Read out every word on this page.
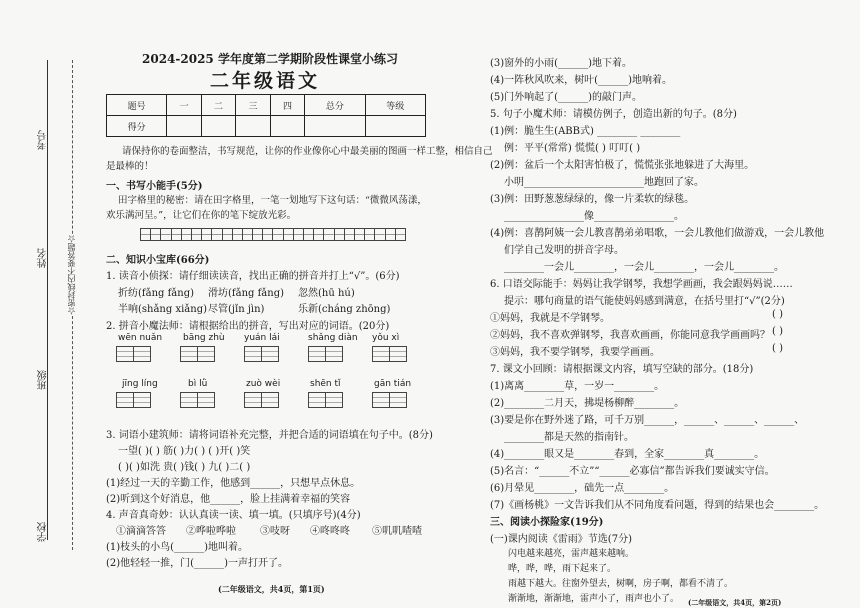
考号
姓名
班级
学校
☆密封线内不要答题☆
2024-2025 学年度第二学期阶段性课堂小练习
二年级语文
题号	一	二	三	四	总分	等级
得分						
请保持你的卷面整洁，书写规范，让你的作业像你心中最美丽的图画一样工整，相信自己
是最棒的！
一、书写小能手(5分)
田字格里的秘密：请在田字格里，一笔一划地写下这句话：“微微风荡漾，
欢乐满河呈。”，让它们在你的笔下绽放光彩。
二、知识小宝库(66分)
1. 读音小侦探：请仔细读读音，找出正确的拼音并打上“√”。(6分)
折纺(fǎng fǎng) 滑坊(fǎng fǎng) 忽然(hū hú)
半响(shǎng xiǎng) 尽管(jǐn jìn)	乐新(cháng zhōng)
2. 拼音小魔法师：请根据给出的拼音，写出对应的词语。(20分)
wēn nuǎn bāng zhù yuán lái	shǎng diàn yǒu xì
jīng líng	bì lǜ	zuò wèi	shēn tǐ	gān tián
3. 词语小建筑师：请将词语补充完整，并把合适的词语填在句子中。(8分)
一望( )( ) 筋( )力( ) ( )开( )笑
( )( )如洗 贵( )钱( ) 九( )二( )
(1)经过一天的辛勤工作，他感到______，只想早点休息。
(2)听到这个好消息，他______，脸上挂满着幸福的笑容
4. 声音真奇妙：认认真读一读、填一填。(只填序号)(4分)
①滴滴答答 ②哗啦哗啦 ③吱呀 ④咚咚咚 ⑤叽叽喳喳
(1)枝头的小鸟(______)地叫着。
(2)他轻轻一推，门(______)一声打开了。
(二年级语文，共4页，第1页)
(3)窗外的小雨(______)地下着。
(4)一阵秋风吹来，树叶(______)地响着。
(5)门外响起了(______)的敲门声。
5. 句子小魔术师：请模仿例子，创造出新的句子。(8分)
(1)例：脆生生(ABB式) ________ ________
例：平平(常常) 慌慌( ) 叮叮( )
(2)例：盆后一个太阳害怕极了，慌慌张张地躲进了大海里。
小明________________________地跑回了家。
(3)例：田野葱葱绿绿的，像一片柔软的绿毯。
________________像________________。
(4)例：喜鹊阿姨一会儿教喜鹊弟弟唱歌，一会儿教他们做游戏，一会儿教他
们学自己发明的拼音字母。
________一会儿________，一会儿________，一会儿________。
6. 口语交际能手：妈妈让我学钢琴，我想学画画，我会跟妈妈说……
提示：哪句商量的语气能使妈妈感到满意，在括号里打“√”(2分)
①妈妈，我就是不学钢琴。	( )
②妈妈，我不喜欢弹钢琴，我喜欢画画，你能同意我学画画吗？ ( )
③妈妈，我不要学钢琴，我要学画画。	( )
7. 课文小回顾：请根据课文内容，填写空缺的部分。(18分)
(1)离离________草，一岁一________。
(2)________二月天，拂堤杨柳醉________。
(3)要是你在野外迷了路，可千万别______，______、______、______、
________都是天然的指南针。
(4)________眼又是________春到，全家________真________。
(5)名言：“______不立”“______必寡信”都告诉我们要诚实守信。
(6)月晕见________，础先一点________。
(7)《画杨桃》一文告诉我们从不同角度看问题，得到的结果也会________。
三、阅读小探险家(19分)
(一)课内阅读《雷雨》节选(7分)
闪电越来越亮，雷声越来越响。
哗，哗，哗，雨下起来了。
雨越下越大。往窗外望去，树啊，房子啊，都看不清了。
渐渐地，渐渐地，雷声小了，雨声也小了。 (二年级语文，共4页，第2页)
